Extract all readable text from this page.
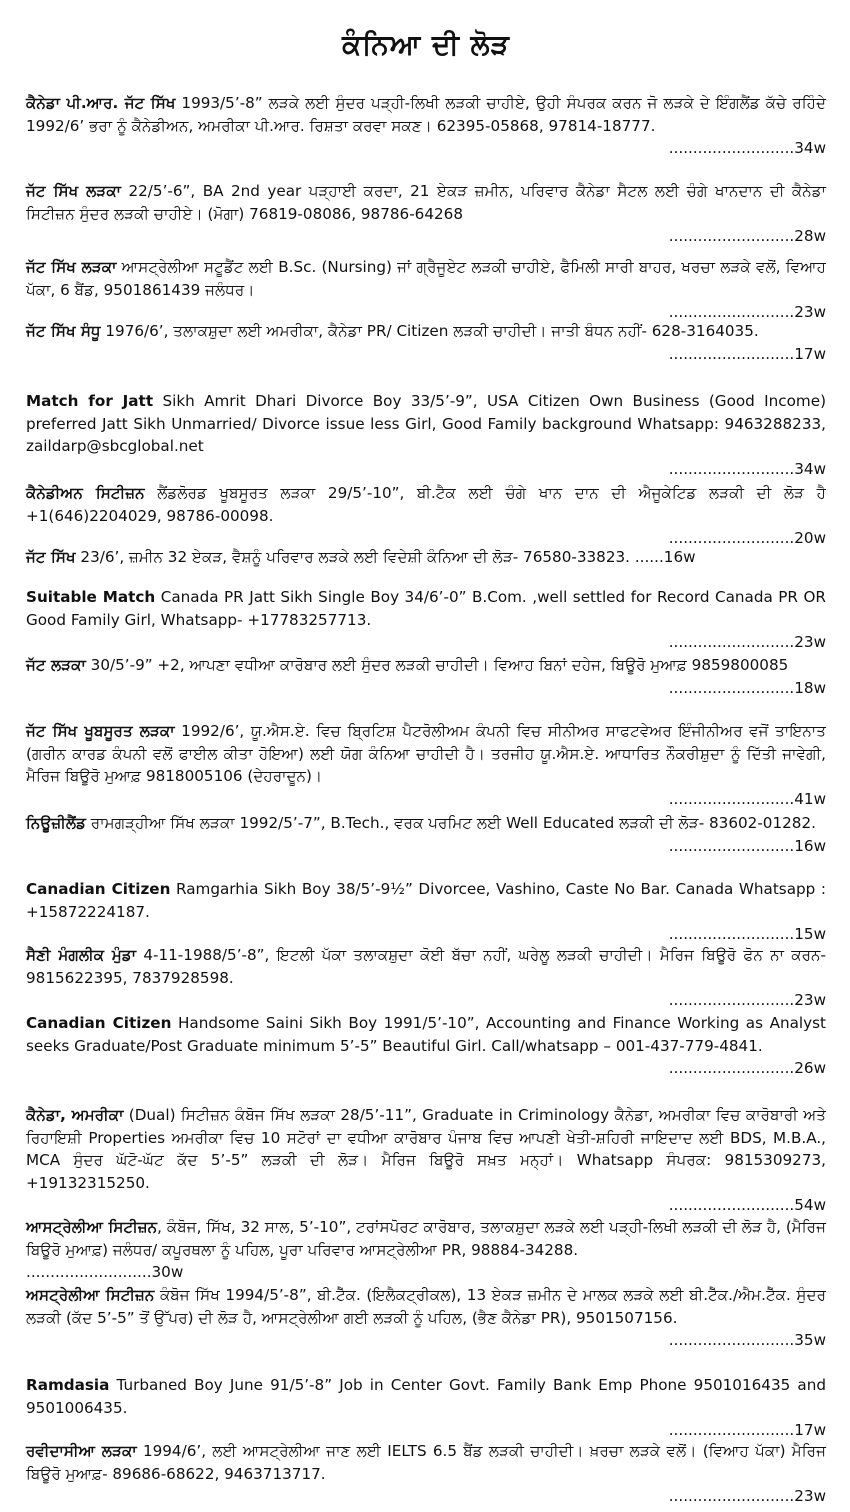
ਕੰਨਿਆ ਦੀ ਲੋੜ
ਕੈਨੇਡਾ ਪੀ.ਆਰ. ਜੱਟ ਸਿੱਖ 1993/5’-8” ਲੜਕੇ ਲਈ ਸੁੰਦਰ ਪੜ੍ਹੀ-ਲਿਖੀ ਲੜਕੀ ਚਾਹੀਏ, ਉਹੀ ਸੰਪਰਕ ਕਰਨ ਜੋ ਲੜਕੇ ਦੇ ਇੰਗਲੈਂਡ ਕੱਚੇ ਰਹਿੰਦੇ 1992/6’ ਭਰਾ ਨੂੰ ਕੈਨੇਡੀਅਨ, ਅਮਰੀਕਾ ਪੀ.ਆਰ. ਰਿਸ਼ਤਾ ਕਰਵਾ ਸਕਣ। 62395-05868, 97814-18777.
..........................34w
ਜੱਟ ਸਿੱਖ ਲੜਕਾ 22/5’-6”, BA 2nd year ਪੜ੍ਹਾਈ ਕਰਦਾ, 21 ਏਕੜ ਜ਼ਮੀਨ, ਪਰਿਵਾਰ ਕੈਨੇਡਾ ਸੈਟਲ ਲਈ ਚੰਗੇ ਖਾਨਦਾਨ ਦੀ ਕੈਨੇਡਾ ਸਿਟੀਜ਼ਨ ਸੁੰਦਰ ਲੜਕੀ ਚਾਹੀਏ। (ਮੋਗਾ) 76819-08086, 98786-64268
..........................28w
ਜੱਟ ਸਿੱਖ ਲੜਕਾ ਆਸਟ੍ਰੇਲੀਆ ਸਟੂਡੈਂਟ ਲਈ B.Sc. (Nursing) ਜਾਂ ਗ੍ਰੈਜੂਏਟ ਲੜਕੀ ਚਾਹੀਏ, ਫੈਮਿਲੀ ਸਾਰੀ ਬਾਹਰ, ਖਰਚਾ ਲੜਕੇ ਵਲੋਂ, ਵਿਆਹ ਪੱਕਾ, 6 ਬੈਂਡ, 9501861439 ਜਲੰਧਰ।
..........................23w
ਜੱਟ ਸਿੱਖ ਸੰਧੂ 1976/6’, ਤਲਾਕਸ਼ੁਦਾ ਲਈ ਅਮਰੀਕਾ, ਕੈਨੇਡਾ PR/ Citizen ਲੜਕੀ ਚਾਹੀਦੀ। ਜਾਤੀ ਬੰਧਨ ਨਹੀਂ- 628-3164035.
..........................17w
Match for Jatt Sikh Amrit Dhari Divorce Boy 33/5’-9”, USA Citizen Own Business (Good Income) preferred Jatt Sikh Unmarried/ Divorce issue less Girl, Good Family background Whatsapp: 9463288233, zaildarp@sbcglobal.net
..........................34w
ਕੈਨੇਡੀਅਨ ਸਿਟੀਜ਼ਨ ਲੈਂਡਲੋਰਡ ਖੂਬਸੂਰਤ ਲੜਕਾ 29/5’-10”, ਬੀ.ਟੈਕ ਲਈ ਚੰਗੇ ਖਾਨ ਦਾਨ ਦੀ ਐਜੂਕੇਟਿਡ ਲੜਕੀ ਦੀ ਲੋੜ ਹੈ +1(646)2204029, 98786-00098.
..........................20w
ਜੱਟ ਸਿੱਖ 23/6’, ਜ਼ਮੀਨ 32 ਏਕੜ, ਵੈਸ਼ਨੂੰ ਪਰਿਵਾਰ ਲੜਕੇ ਲਈ ਵਿਦੇਸ਼ੀ ਕੰਨਿਆ ਦੀ ਲੋੜ- 76580-33823. ......16w
Suitable Match Canada PR Jatt Sikh Single Boy 34/6’-0” B.Com. ,well settled for Record Canada PR OR Good Family Girl, Whatsapp- +17783257713.
..........................23w
ਜੱਟ ਲੜਕਾ 30/5’-9” +2, ਆਪਣਾ ਵਧੀਆ ਕਾਰੋਬਾਰ ਲਈ ਸੁੰਦਰ ਲੜਕੀ ਚਾਹੀਦੀ। ਵਿਆਹ ਬਿਨਾਂ ਦਹੇਜ, ਬਿਊਰੋ ਮੁਆਫ਼ 9859800085
..........................18w
ਜੱਟ ਸਿੱਖ ਖੂਬਸੂਰਤ ਲੜਕਾ 1992/6’, ਯੂ.ਐਸ.ਏ. ਵਿਚ ਬ੍ਰਿਟਿਸ਼ ਪੈਟਰੋਲੀਅਮ ਕੰਪਨੀ ਵਿਚ ਸੀਨੀਅਰ ਸਾਫਟਵੇਅਰ ਇੰਜੀਨੀਅਰ ਵਜੋਂ ਤਾਇਨਾਤ (ਗਰੀਨ ਕਾਰਡ ਕੰਪਨੀ ਵਲੋਂ ਫਾਈਲ ਕੀਤਾ ਹੋਇਆ) ਲਈ ਯੋਗ ਕੰਨਿਆ ਚਾਹੀਦੀ ਹੈ। ਤਰਜੀਹ ਯੂ.ਐਸ.ਏ. ਆਧਾਰਿਤ ਨੌਕਰੀਸ਼ੁਦਾ ਨੂੰ ਦਿੱਤੀ ਜਾਵੇਗੀ, ਮੈਰਿਜ ਬਿਊਰੋ ਮੁਆਫ਼ 9818005106 (ਦੇਹਰਾਦੂਨ)।
..........................41w
ਨਿਊਜ਼ੀਲੈਂਡ ਰਾਮਗੜ੍ਹੀਆ ਸਿੱਖ ਲੜਕਾ 1992/5’-7”, B.Tech., ਵਰਕ ਪਰਮਿਟ ਲਈ Well Educated ਲੜਕੀ ਦੀ ਲੋੜ- 83602-01282.
..........................16w
Canadian Citizen Ramgarhia Sikh Boy 38/5’-9½” Divorcee, Vashino, Caste No Bar. Canada Whatsapp : +15872224187.
..........................15w
ਸੈਣੀ ਮੰਗਲੀਕ ਮੁੰਡਾ 4-11-1988/5’-8”, ਇਟਲੀ ਪੱਕਾ ਤਲਾਕਸ਼ੁਦਾ ਕੋਈ ਬੱਚਾ ਨਹੀਂ, ਘਰੇਲੂ ਲੜਕੀ ਚਾਹੀਦੀ। ਮੈਰਿਜ ਬਿਊਰੋ ਫੋਨ ਨਾ ਕਰਨ- 9815622395, 7837928598.
..........................23w
Canadian Citizen Handsome Saini Sikh Boy 1991/5’-10”, Accounting and Finance Working as Analyst seeks Graduate/Post Graduate minimum 5’-5” Beautiful Girl. Call/whatsapp – 001-437-779-4841.
..........................26w
ਕੈਨੇਡਾ, ਅਮਰੀਕਾ (Dual) ਸਿਟੀਜ਼ਨ ਕੰਬੋਜ ਸਿੱਖ ਲੜਕਾ 28/5’-11”, Graduate in Criminology ਕੈਨੇਡਾ, ਅਮਰੀਕਾ ਵਿਚ ਕਾਰੋਬਾਰੀ ਅਤੇ ਰਿਹਾਇਸ਼ੀ Properties ਅਮਰੀਕਾ ਵਿਚ 10 ਸਟੋਰਾਂ ਦਾ ਵਧੀਆ ਕਾਰੋਬਾਰ ਪੰਜਾਬ ਵਿਚ ਆਪਣੀ ਖੇਤੀ-ਸ਼ਹਿਰੀ ਜਾਇਦਾਦ ਲਈ BDS, M.B.A., MCA ਸੁੰਦਰ ਘੱਟੋ-ਘੱਟ ਕੱਦ 5’-5” ਲੜਕੀ ਦੀ ਲੋੜ। ਮੈਰਿਜ ਬਿਊਰੋ ਸਖ਼ਤ ਮਨ੍ਹਾਂ। Whatsapp ਸੰਪਰਕ: 9815309273, +19132315250.
..........................54w
ਆਸਟ੍ਰੇਲੀਆ ਸਿਟੀਜ਼ਨ, ਕੰਬੋਜ, ਸਿੱਖ, 32 ਸਾਲ, 5’-10”, ਟਰਾਂਸਪੋਰਟ ਕਾਰੋਬਾਰ, ਤਲਾਕਸ਼ੁਦਾ ਲੜਕੇ ਲਈ ਪੜ੍ਹੀ-ਲਿਖੀ ਲੜਕੀ ਦੀ ਲੋੜ ਹੈ, (ਮੈਰਿਜ ਬਿਊਰੋ ਮੁਆਫ਼) ਜਲੰਧਰ/ ਕਪੂਰਥਲਾ ਨੂੰ ਪਹਿਲ, ਪੂਰਾ ਪਰਿਵਾਰ ਆਸਟ੍ਰੇਲੀਆ PR, 98884-34288.
..........................30w
ਅਸਟ੍ਰੇਲੀਆ ਸਿਟੀਜ਼ਨ ਕੰਬੋਜ ਸਿੱਖ 1994/5’-8”, ਬੀ.ਟੈੱਕ. (ਇਲੈਕਟ੍ਰੀਕਲ), 13 ਏਕੜ ਜ਼ਮੀਨ ਦੇ ਮਾਲਕ ਲੜਕੇ ਲਈ ਬੀ.ਟੈੱਕ./ਐਮ.ਟੈੱਕ. ਸੁੰਦਰ ਲੜਕੀ (ਕੱਦ 5’-5” ਤੋਂ ਉੱਪਰ) ਦੀ ਲੋੜ ਹੈ, ਆਸਟ੍ਰੇਲੀਆ ਗਈ ਲੜਕੀ ਨੂੰ ਪਹਿਲ, (ਭੈਣ ਕੈਨੇਡਾ PR), 9501507156.
..........................35w
Ramdasia Turbaned Boy June 91/5’-8” Job in Center Govt. Family Bank Emp Phone 9501016435 and 9501006435.
..........................17w
ਰਵੀਦਾਸੀਆ ਲੜਕਾ 1994/6’, ਲਈ ਆਸਟ੍ਰੇਲੀਆ ਜਾਣ ਲਈ IELTS 6.5 ਬੈਂਡ ਲੜਕੀ ਚਾਹੀਦੀ। ਖ਼ਰਚਾ ਲੜਕੇ ਵਲੋਂ। (ਵਿਆਹ ਪੱਕਾ) ਮੈਰਿਜ ਬਿਊਰੋ ਮੁਆਫ਼- 89686-68622, 9463713717.
..........................23w
